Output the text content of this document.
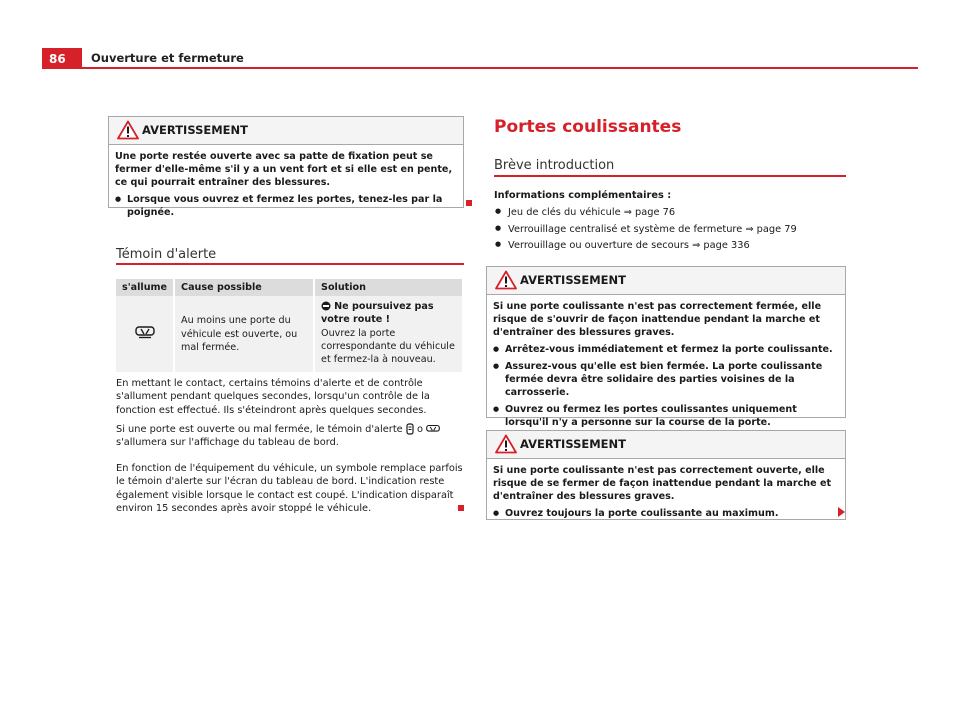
86	Ouverture et fermeture
AVERTISSEMENT

Une porte restée ouverte avec sa patte de fixation peut se fermer d'elle-même s'il y a un vent fort et si elle est en pente, ce qui pourrait entraîner des blessures.

● Lorsque vous ouvrez et fermez les portes, tenez-les par la poignée.
Témoin d'alerte
s'allume	Cause possible	Solution
	Au moins une porte du véhicule est ouverte, ou mal fermée.	Ne poursuivez pas votre route !
Ouvrez la porte correspondante du véhicule et fermez-la à nouveau.
En mettant le contact, certains témoins d'alerte et de contrôle s'allument pendant quelques secondes, lorsqu'un contrôle de la fonction est effectué. Ils s'éteindront après quelques secondes.
Si une porte est ouverte ou mal fermée, le témoin d'alerte o  s'allumera sur l'affichage du tableau de bord.
En fonction de l'équipement du véhicule, un symbole remplace parfois le témoin d'alerte sur l'écran du tableau de bord. L'indication reste également visible lorsque le contact est coupé. L'indication disparaît environ 15 secondes après avoir stoppé le véhicule.
Portes coulissantes
Brève introduction
Informations complémentaires :
● Jeu de clés du véhicule ⇒ page 76
● Verrouillage centralisé et système de fermeture ⇒ page 79
● Verrouillage ou ouverture de secours ⇒ page 336
AVERTISSEMENT

Si une porte coulissante n'est pas correctement fermée, elle risque de s'ouvrir de façon inattendue pendant la marche et d'entraîner des blessures graves.

● Arrêtez-vous immédiatement et fermez la porte coulissante.
● Assurez-vous qu'elle est bien fermée. La porte coulissante fermée devra être solidaire des parties voisines de la carrosserie.
● Ouvrez ou fermez les portes coulissantes uniquement lorsqu'il n'y a personne sur la course de la porte.
AVERTISSEMENT

Si une porte coulissante n'est pas correctement ouverte, elle risque de se fermer de façon inattendue pendant la marche et d'entraîner des blessures graves.

● Ouvrez toujours la porte coulissante au maximum.
